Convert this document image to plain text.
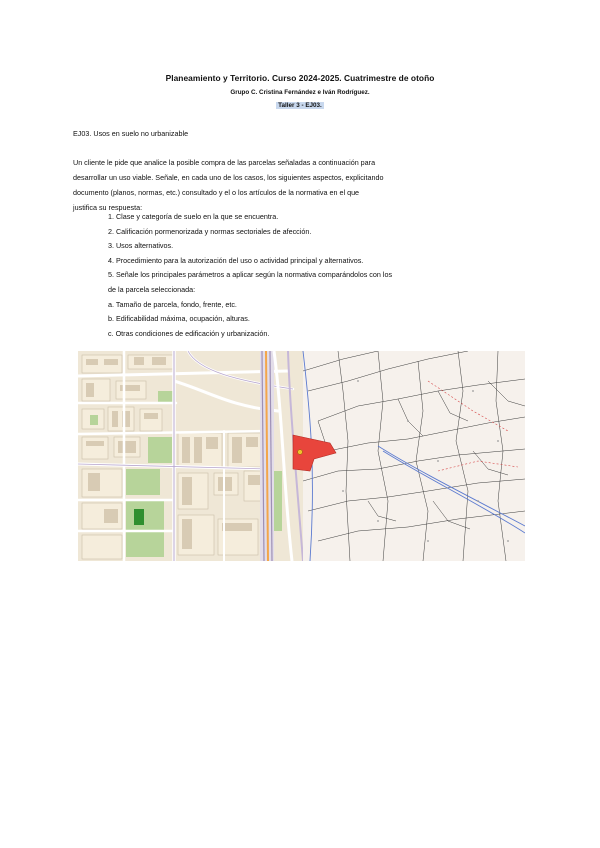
Planeamiento y Territorio. Curso 2024-2025. Cuatrimestre de otoño
Grupo C. Cristina Fernández e Iván Rodríguez.
Taller 3 - EJ03.
EJ03. Usos en suelo no urbanizable
Un cliente le pide que analice la posible compra de las parcelas señaladas a continuación para
desarrollar un uso viable. Señale, en cada uno de los casos, los siguientes aspectos, explicitando
documento (planos, normas, etc.) consultado y el o los artículos de la normativa en el que
justifica su respuesta:
1. Clase y categoría de suelo en la que se encuentra.
2. Calificación pormenorizada y normas sectoriales de afección.
3. Usos alternativos.
4. Procedimiento para la autorización del uso o actividad principal y alternativos.
5. Señale los principales parámetros a aplicar según la normativa comparándolos con los
de la parcela seleccionada:
a. Tamaño de parcela, fondo, frente, etc.
b. Edificabilidad máxima, ocupación, alturas.
c. Otras condiciones de edificación y urbanización.
